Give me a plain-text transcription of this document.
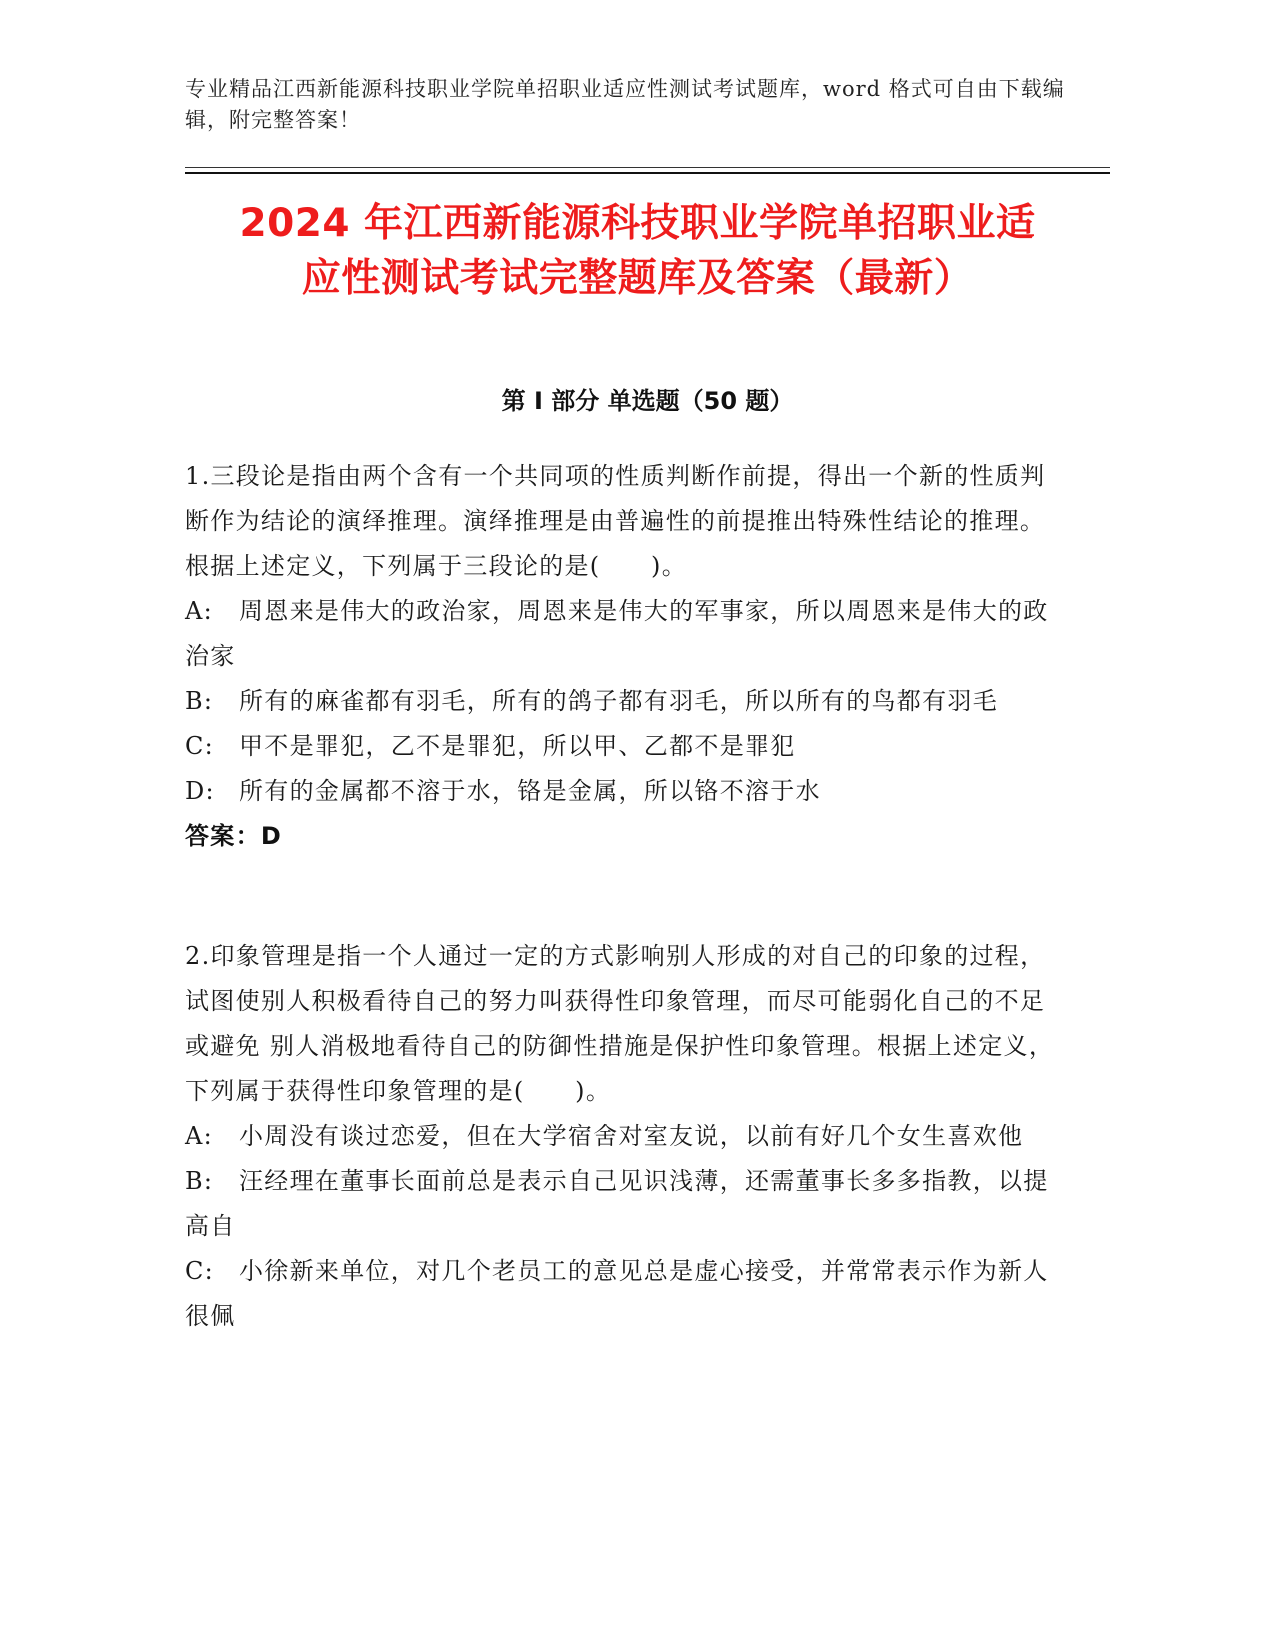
专业精品江西新能源科技职业学院单招职业适应性测试考试题库，word 格式可自由下载编辑，附完整答案！
2024 年江西新能源科技职业学院单招职业适
应性测试考试完整题库及答案（最新）
第 I 部分 单选题（50 题）

1.三段论是指由两个含有一个共同项的性质判断作前提，得出一个新的性质判断作为结论的演绎推理。演绎推理是由普遍性的前提推出特殊性结论的推理。根据上述定义，下列属于三段论的是(　　)。

A: 周恩来是伟大的政治家，周恩来是伟大的军事家，所以周恩来是伟大的政治家
B: 所有的麻雀都有羽毛，所有的鸽子都有羽毛，所以所有的鸟都有羽毛
C:	甲不是罪犯，乙不是罪犯，所以甲、乙都不是罪犯
D:	所有的金属都不溶于水，铬是金属，所以铬不溶于水

答案：D

2.印象管理是指一个人通过一定的方式影响别人形成的对自己的印象的过程， 试图使别人积极看待自己的努力叫获得性印象管理，而尽可能弱化自己的不足或避免 别人消极地看待自己的防御性措施是保护性印象管理。根据上述定义，下列属于获得性印象管理的是(　　)。

A: 小周没有谈过恋爱，但在大学宿舍对室友说，以前有好几个女生喜欢他
B: 汪经理在董事长面前总是表示自己见识浅薄，还需董事长多多指教，以提高自
C: 小徐新来单位，对几个老员工的意见总是虚心接受，并常常表示作为新人很佩
